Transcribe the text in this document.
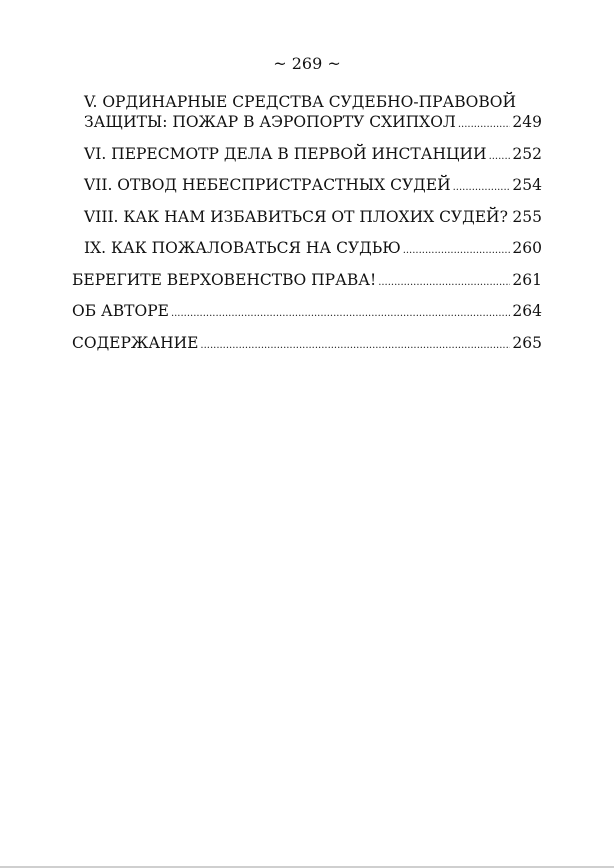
~ 269 ~
V. ОРДИНАРНЫЕ СРЕДСТВА СУДЕБНО-ПРАВОВОЙ
ЗАЩИТЫ: ПОЖАР В АЭРОПОРТУ СХИПХОЛ .....	249
VI. ПЕРЕСМОТР ДЕЛА В ПЕРВОЙ ИНСТАНЦИИ ..... 252
VII. ОТВОД НЕБЕСПРИСТРАСТНЫХ СУДЕЙ .....	254
VIII. КАК НАМ ИЗБАВИТЬСЯ ОТ ПЛОХИХ СУДЕЙ? ..... 255
IX. КАК ПОЖАЛОВАТЬСЯ НА СУДЬЮ .....	260
БЕРЕГИТЕ ВЕРХОВЕНСТВО ПРАВА! .....	261
ОБ АВТОРЕ .....	264
СОДЕРЖАНИЕ .....	265
